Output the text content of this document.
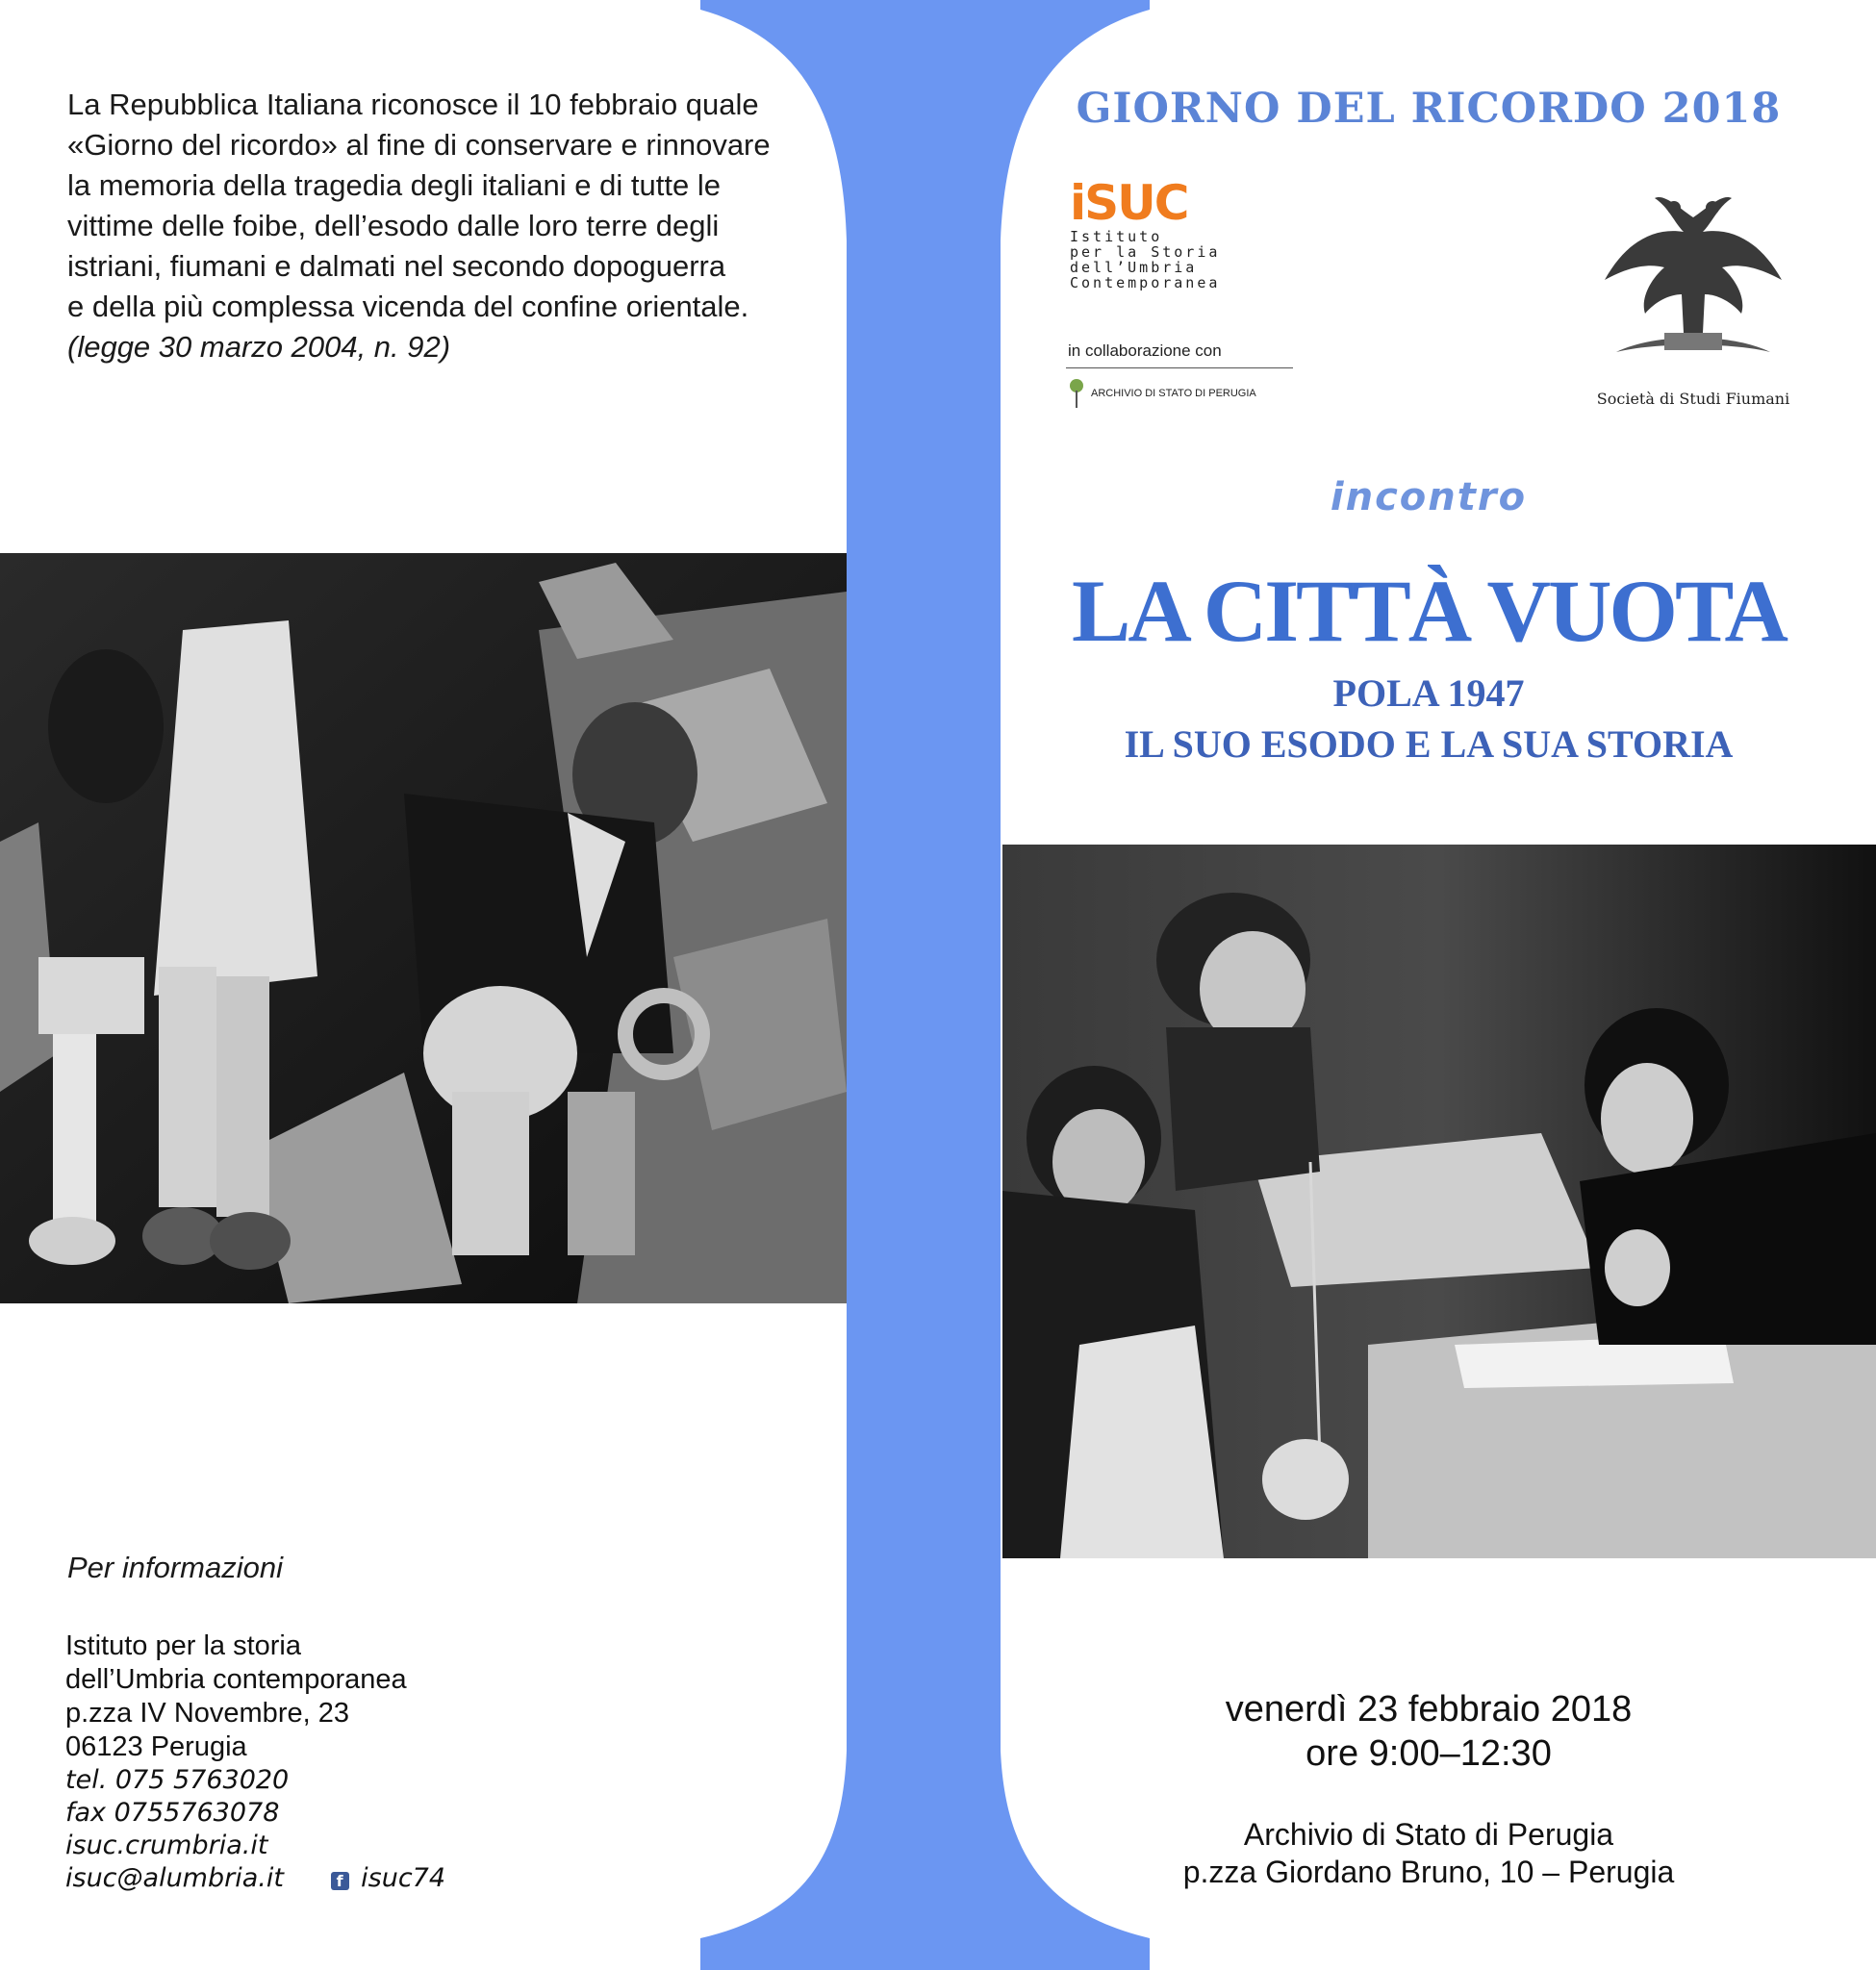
La Repubblica Italiana riconosce il 10 febbraio quale

«Giorno del ricordo» al fine di conservare e rinnovare

la memoria della tragedia degli italiani e di tutte le

vittime delle foibe, dell’esodo dalle loro terre degli

istriani, fiumani e dalmati nel secondo dopoguerra

e della più complessa vicenda del confine orientale.

(legge 30 marzo 2004, n. 92)

Per informazioni
Istituto per la storia
dell’Umbria contemporanea
p.zza IV Novembre, 23
06123 Perugia
tel. 075 5763020
fax 0755763078
isuc.crumbria.it
isuc@alumbria.it	f isuc74
GIORNO DEL RICORDO 2018
iSUC
Istituto
per la Storia
dell’Umbria
Contemporanea
in collaborazione con
ARCHIVIO DI STATO DI PERUGIA	Società di Studi Fiumani
incontro
LA CITTÀ VUOTA
POLA 1947
IL SUO ESODO E LA SUA STORIA
venerdì 23 febbraio 2018
ore 9:00–12:30
Archivio di Stato di Perugia
p.zza Giordano Bruno, 10 – Perugia
